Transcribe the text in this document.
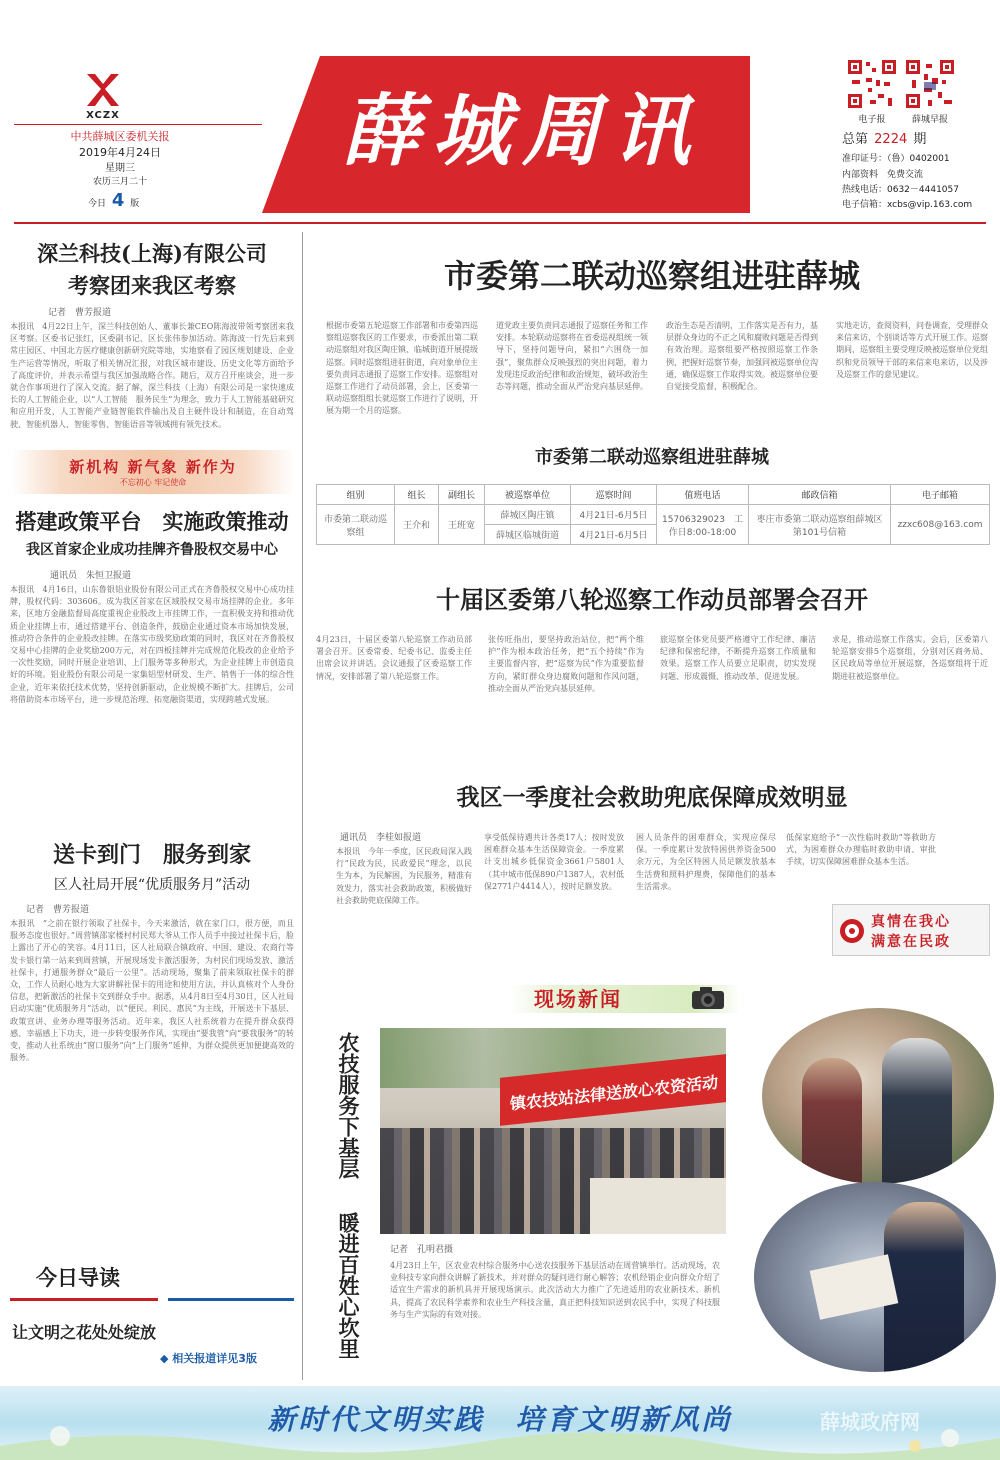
XCZX
中共薛城区委机关报
2019年4月24日
星期三
农历三月二十
今日 4 版
薛城周讯	电子报	薛城早报
总第 2224 期
准印证号：（鲁）0402001
内部资料　免费交流
热线电话：0632－4441057
电子信箱：xcbs@vip.163.com
深兰科技(上海)有限公司
考察团来我区考察
记者　曹芳报道
本报讯　4月22日上午，深兰科技创始人、董事长兼CEO陈海波带领考察团来我区考察。区委书记张红，区委副书记、区长张伟参加活动。陈海波一行先后来到常庄园区、中国北方医疗健康创新研究院等地，实地察看了园区规划建设、企业生产运营等情况，听取了相关情况汇报，对我区城市建设、历史文化等方面给予了高度评价，并表示希望与我区加强战略合作。随后，双方召开座谈会，进一步就合作事项进行了深入交流。据了解，深兰科技（上海）有限公司是一家快速成长的人工智能企业，以“人工智能　服务民生”为理念，致力于人工智能基础研究和应用开发，人工智能产业链智能软件输出及自主硬件设计和制造，在自动驾驶、智能机器人、智能零售、智能语音等领域拥有领先技术。
新机构 新气象 新作为
不忘初心 牢记使命
搭建政策平台　实施政策推动
我区首家企业成功挂牌齐鲁股权交易中心
通讯员　朱恒卫报道
本报讯　4月16日，山东鲁银铝业股份有限公司正式在齐鲁股权交易中心成功挂牌，股权代码：303606。成为我区首家在区域股权交易市场挂牌的企业。多年来，区地方金融监督局高度重视企业股改上市挂牌工作，一直积极支持和推动优质企业挂牌上市，通过搭建平台、创造条件，鼓励企业通过资本市场加快发展，推动符合条件的企业股改挂牌。在落实市级奖励政策的同时，我区对在齐鲁股权交易中心挂牌的企业奖励200万元，对在四板挂牌并完成规范化股改的企业给予一次性奖励，同时开展企业培训、上门服务等多种形式，为企业挂牌上市创造良好的环境。铝业股份有限公司是一家集铝型材研发、生产、销售于一体的综合性企业，近年来依托技术优势，坚持创新驱动，企业规模不断扩大。挂牌后，公司将借助资本市场平台，进一步规范治理、拓宽融资渠道，实现跨越式发展。
送卡到门　服务到家
区人社局开展“优质服务月”活动
记者　曹芳报道
本报讯　“之前在银行领取了社保卡，今天来激活，就在家门口，很方便，而且服务态度也很好。”周营镇邵家楼村村民郑大爷从工作人员手中接过社保卡后，脸上露出了开心的笑容。4月11日，区人社局联合镇政府、中国、建设、农商行等发卡银行第一站来到周营镇，开展现场发卡激活服务，为村民们现场发放、激活社保卡，打通服务群众“最后一公里”。活动现场，聚集了前来领取社保卡的群众，工作人员耐心地为大家讲解社保卡的用途和使用方法，并认真核对个人身份信息，把新激活的社保卡交到群众手中。据悉，从4月8日至4月30日，区人社局启动实施“优质服务月”活动，以“便民、利民、惠民”为主线，开展送卡下基层、政策宣讲、业务办理等服务活动。近年来，我区人社系统着力在提升群众获得感、幸福感上下功夫，进一步转变服务作风，实现由“要我管”向“要我服务”的转变，推动人社系统由“窗口服务”向“上门服务”延伸，为群众提供更加便捷高效的服务。
今日导读
让文明之花处处绽放
◆ 相关报道详见3版
市委第二联动巡察组进驻薛城
根据市委第五轮巡察工作部署和市委第四巡察组巡察我区的工作要求，市委派出第二联动巡察组对我区陶庄镇、临城街道开展提级巡察。同时巡察组进驻街道，向对象单位主要负责同志通报了巡察工作安排。巡察组对巡察工作进行了动员部署，会上，区委第一联动巡察组组长就巡察工作进行了说明，开展为期一个月的巡察。
道党政主要负责同志通报了巡察任务和工作安排。本轮联动巡察将在省委巡视组统一领导下，坚持问题导向，紧扣“六围绕一加强”，聚焦群众反映强烈的突出问题，着力发现违反政治纪律和政治规矩，破坏政治生态等问题，推动全面从严治党向基层延伸。
政治生态是否清明，工作落实是否有力，基层群众身边的不正之风和腐败问题是否得到有效治理。巡察组要严格按照巡察工作条例，把握好巡察节奏，加强同被巡察单位沟通，确保巡察工作取得实效。被巡察单位要自觉接受监督，积极配合。
实地走访，查阅资料，问卷调查，受理群众来信来访，个别谈话等方式开展工作。巡察期间，巡察组主要受理反映被巡察单位党组织和党员领导干部的来信来电来访，以及涉及巡察工作的意见建议。
市委第二联动巡察组进驻薛城
组别	组长	副组长	被巡察单位	巡察时间	值班电话	邮政信箱	电子邮箱
市委第二联动巡察组	王介和	王班宽	薛城区陶庄镇	4月21日-6月5日	15706329023　工作日8:00-18:00	枣庄市委第二联动巡察组薛城区第101号信箱	zzxc608@163.com
			薛城区临城街道	4月21日-6月5日			
十届区委第八轮巡察工作动员部署会召开
4月23日，十届区委第八轮巡察工作动员部署会召开。区委常委、纪委书记、监委主任出席会议并讲话。会议通报了区委巡察工作情况，安排部署了第八轮巡察工作。
张传旺指出，要坚持政治站位，把“两个维护”作为根本政治任务，把“五个持续”作为主要监督内容，把“巡察为民”作为重要监督方向，紧盯群众身边腐败问题和作风问题，推动全面从严治党向基层延伸。
旅巡察全体党员要严格遵守工作纪律、廉洁纪律和保密纪律，不断提升巡察工作质量和效果。巡察工作人员要立足职责，切实发现问题、形成震慑、推动改革、促进发展。
求是，推动巡察工作落实。会后，区委第八轮巡察安排5个巡察组，分别对区商务局、区民政局等单位开展巡察，各巡察组将于近期进驻被巡察单位。
我区一季度社会救助兜底保障成效明显
通讯员　李桂如报道
本报讯　今年一季度，区民政局深入践行“民政为民，民政爱民”理念，以民生为本，为民解困，为民服务，精准有效发力，落实社会救助政策，积极做好社会救助兜底保障工作。
享受低保待遇共计各类17人；按时发放困难群众基本生活保障资金。一季度累计支出城乡低保资金3661户5801人（其中城市低保890户1387人，农村低保2771户4414人），按时足额发放。
困人员条件的困难群众，实现应保尽保。一季度累计发放特困供养资金500余万元，为全区特困人员足额发放基本生活费和照料护理费，保障他们的基本生活需求。
低保家庭给予“一次性临时救助”等救助方式，为困难群众办理临时救助申请、审批手续，切实保障困难群众基本生活。
真情在我心
满意在民政
现场新闻
农技服务下基层
暖进百姓心坎里
镇农技站法律送放心农资活动
记者　孔明君摄
4月23日上午，区农业农村综合服务中心送农技服务下基层活动在周营镇举行。活动现场，农业科技专家向群众讲解了新技术，并对群众的疑问进行耐心解答；农机经销企业向群众介绍了适宜生产需求的新机具并开展现场演示。此次活动大力推广了先进适用的农业新技术、新机具，提高了农民科学素养和农业生产科技含量，真正把科技知识送到农民手中，实现了科技服务与生产实际的有效对接。
新时代文明实践　培育文明新风尚	薛城政府网
